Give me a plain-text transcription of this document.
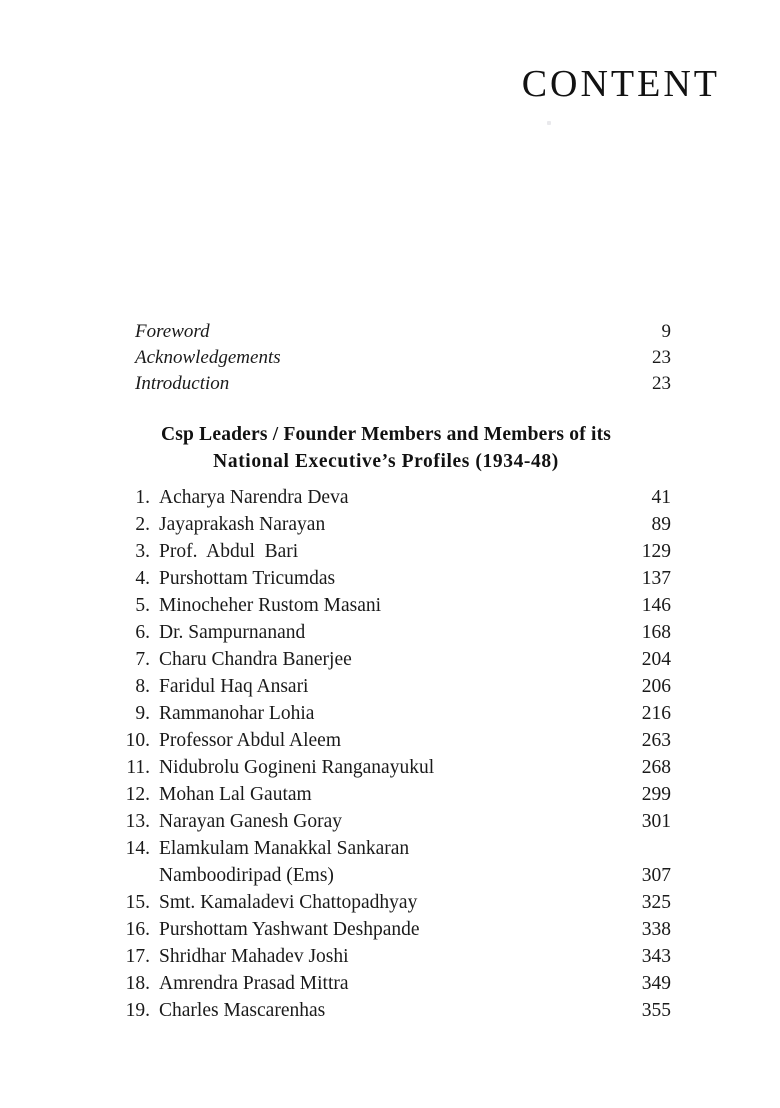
CONTENT
Foreword	9
Acknowledgements	23
Introduction	23
Csp Leaders / Founder Members and Members of its
National Executive’s Profiles (1934-48)
1. Acharya Narendra Deva	41
2. Jayaprakash Narayan	89
3. Prof.  Abdul  Bari	129
4. Purshottam Tricumdas	137
5. Minocheher Rustom Masani	146
6. Dr. Sampurnanand	168
7. Charu Chandra Banerjee	204
8. Faridul Haq Ansari	206
9. Rammanohar Lohia	216
10. Professor Abdul Aleem	263
11. Nidubrolu Gogineni Ranganayukul	268
12. Mohan Lal Gautam	299
13. Narayan Ganesh Goray	301
14. Elamkulam Manakkal Sankaran
Namboodiripad (Ems)	307
15. Smt. Kamaladevi Chattopadhyay	325
16. Purshottam Yashwant Deshpande	338
17. Shridhar Mahadev Joshi	343
18. Amrendra Prasad Mittra	349
19. Charles Mascarenhas	355
